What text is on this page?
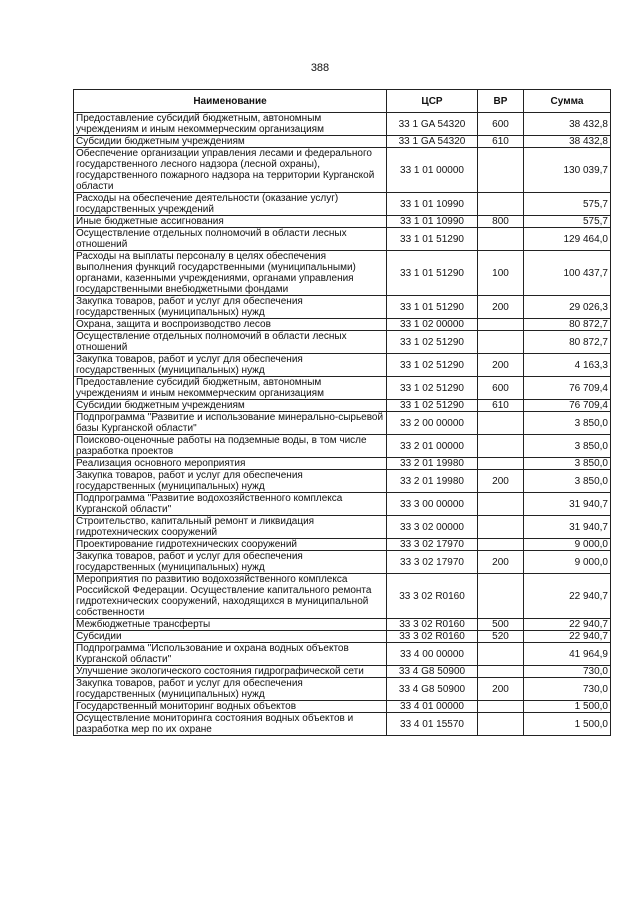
388
Наименование	ЦСР	ВР	Сумма
Предоставление субсидий бюджетным, автономным учреждениям и иным некоммерческим организациям	33 1 GA 54320	600	38 432,8
Субсидии бюджетным учреждениям	33 1 GA 54320	610	38 432,8
Обеспечение организации управления лесами и федерального государственного лесного надзора (лесной охраны), государственного пожарного надзора на территории Курганской области	33 1 01 00000		130 039,7
Расходы на обеспечение деятельности (оказание услуг) государственных учреждений	33 1 01 10990		575,7
Иные бюджетные ассигнования	33 1 01 10990	800	575,7
Осуществление отдельных полномочий в области лесных отношений	33 1 01 51290		129 464,0
Расходы на выплаты персоналу в целях обеспечения выполнения функций государственными (муниципальными) органами, казенными учреждениями, органами управления государственными внебюджетными фондами	33 1 01 51290	100	100 437,7
Закупка товаров, работ и услуг для обеспечения государственных (муниципальных) нужд	33 1 01 51290	200	29 026,3
Охрана, защита и воспроизводство лесов	33 1 02 00000		80 872,7
Осуществление отдельных полномочий в области лесных отношений	33 1 02 51290		80 872,7
Закупка товаров, работ и услуг для обеспечения государственных (муниципальных) нужд	33 1 02 51290	200	4 163,3
Предоставление субсидий бюджетным, автономным учреждениям и иным некоммерческим организациям	33 1 02 51290	600	76 709,4
Субсидии бюджетным учреждениям	33 1 02 51290	610	76 709,4
Подпрограмма "Развитие и использование минерально-сырьевой базы Курганской области"	33 2 00 00000		3 850,0
Поисково-оценочные работы на подземные воды, в том числе разработка проектов	33 2 01 00000		3 850,0
Реализация основного мероприятия	33 2 01 19980		3 850,0
Закупка товаров, работ и услуг для обеспечения государственных (муниципальных) нужд	33 2 01 19980	200	3 850,0
Подпрограмма "Развитие водохозяйственного комплекса Курганской области"	33 3 00 00000		31 940,7
Строительство, капитальный ремонт и ликвидация гидротехнических сооружений	33 3 02 00000		31 940,7
Проектирование гидротехнических сооружений	33 3 02 17970		9 000,0
Закупка товаров, работ и услуг для обеспечения государственных (муниципальных) нужд	33 3 02 17970	200	9 000,0
Мероприятия по развитию водохозяйственного комплекса Российской Федерации. Осуществление капитального ремонта гидротехнических сооружений, находящихся в муниципальной собственности	33 3 02 R0160		22 940,7
Межбюджетные трансферты	33 3 02 R0160	500	22 940,7
Субсидии	33 3 02 R0160	520	22 940,7
Подпрограмма "Использование и охрана водных объектов Курганской области"	33 4 00 00000		41 964,9
Улучшение экологического состояния гидрографической сети	33 4 G8 50900		730,0
Закупка товаров, работ и услуг для обеспечения государственных (муниципальных) нужд	33 4 G8 50900	200	730,0
Государственный мониторинг водных объектов	33 4 01 00000		1 500,0
Осуществление мониторинга состояния водных объектов и разработка мер по их охране	33 4 01 15570		1 500,0
